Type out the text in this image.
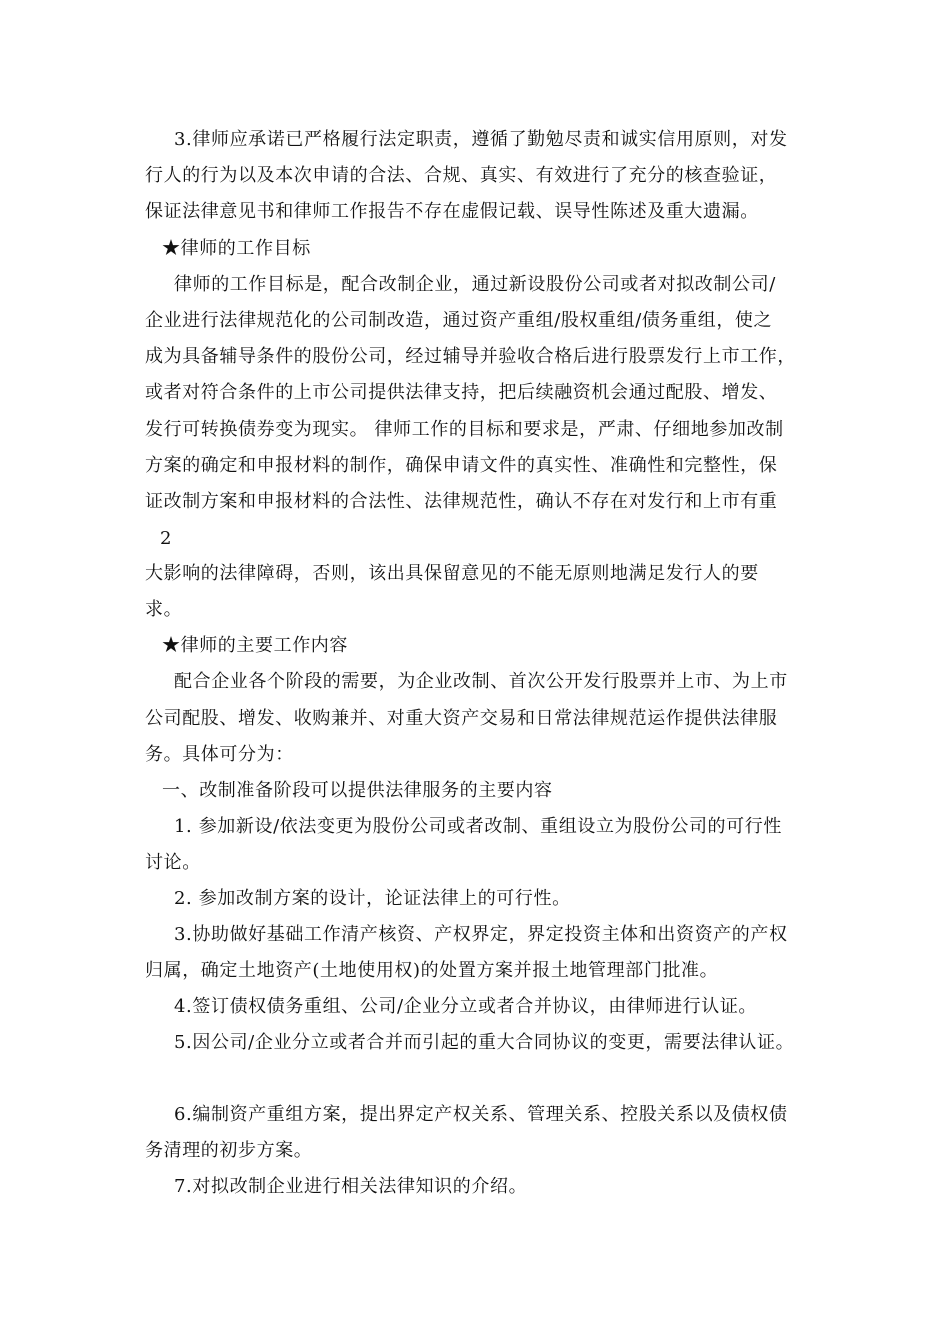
3.律师应承诺已严格履行法定职责，遵循了勤勉尽责和诚实信用原则，对发
行人的行为以及本次申请的合法、合规、真实、有效进行了充分的核查验证，
保证法律意见书和律师工作报告不存在虚假记载、误导性陈述及重大遗漏。
★律师的工作目标
律师的工作目标是，配合改制企业，通过新设股份公司或者对拟改制公司/
企业进行法律规范化的公司制改造，通过资产重组/股权重组/债务重组，使之
成为具备辅导条件的股份公司，经过辅导并验收合格后进行股票发行上市工作，
或者对符合条件的上市公司提供法律支持，把后续融资机会通过配股、增发、
发行可转换债券变为现实。 律师工作的目标和要求是，严肃、仔细地参加改制
方案的确定和申报材料的制作，确保申请文件的真实性、准确性和完整性，保
证改制方案和申报材料的合法性、法律规范性，确认不存在对发行和上市有重
2
大影响的法律障碍，否则，该出具保留意见的不能无原则地满足发行人的要
求。
★律师的主要工作内容
配合企业各个阶段的需要，为企业改制、首次公开发行股票并上市、为上市
公司配股、增发、收购兼并、对重大资产交易和日常法律规范运作提供法律服
务。具体可分为：
一、改制准备阶段可以提供法律服务的主要内容
1. 参加新设/依法变更为股份公司或者改制、重组设立为股份公司的可行性
讨论。
2. 参加改制方案的设计，论证法律上的可行性。
3.协助做好基础工作清产核资、产权界定，界定投资主体和出资资产的产权
归属，确定土地资产(土地使用权)的处置方案并报土地管理部门批准。
4.签订债权债务重组、公司/企业分立或者合并协议，由律师进行认证。
5.因公司/企业分立或者合并而引起的重大合同协议的变更，需要法律认证。
6.编制资产重组方案，提出界定产权关系、管理关系、控股关系以及债权债
务清理的初步方案。
7.对拟改制企业进行相关法律知识的介绍。
